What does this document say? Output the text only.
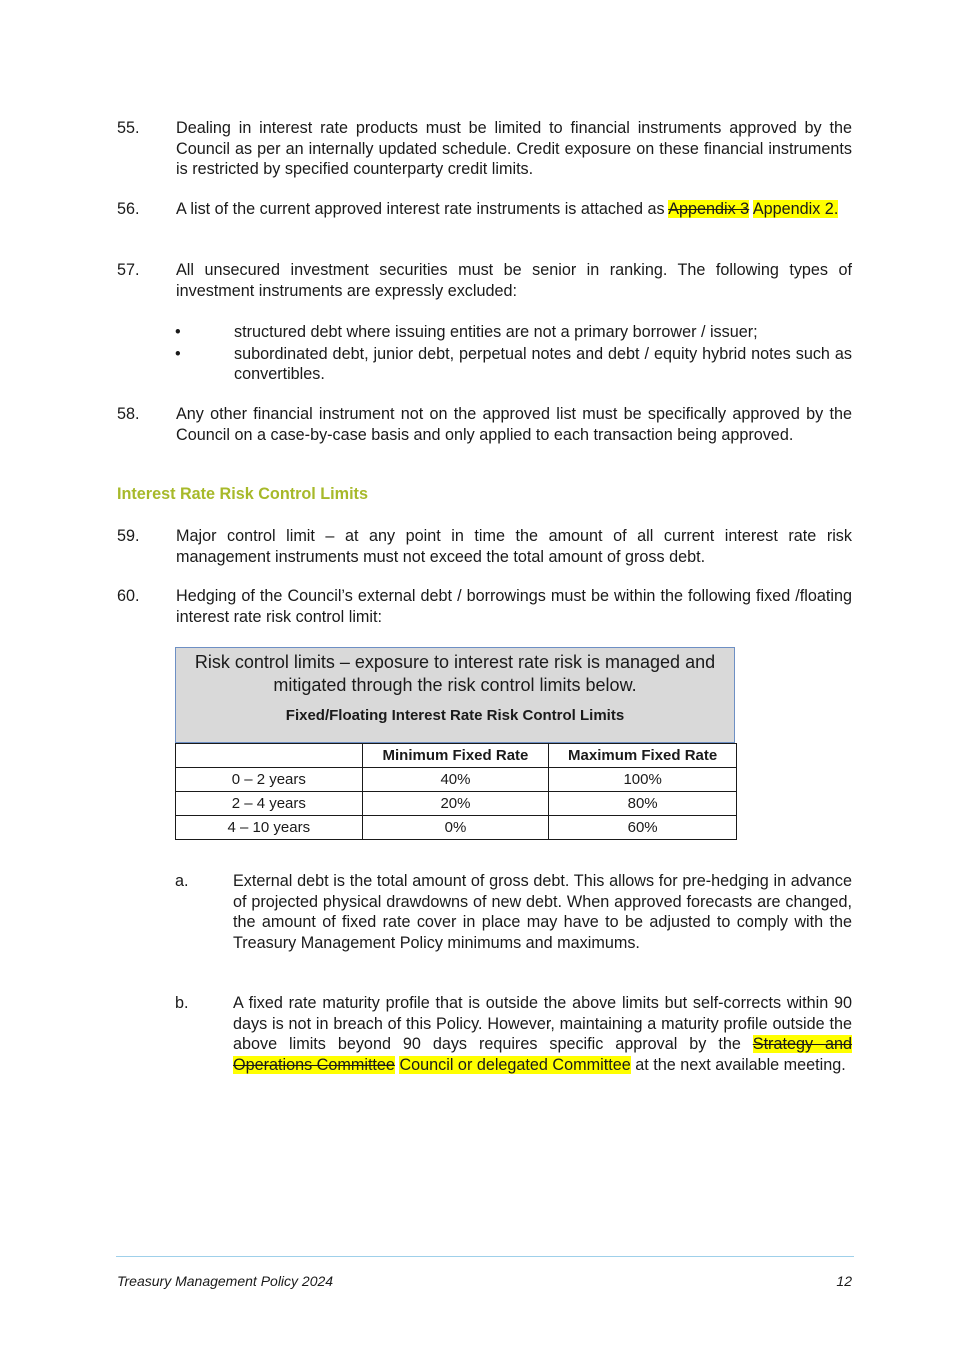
55.	Dealing in interest rate products must be limited to financial instruments approved by the Council as per an internally updated schedule. Credit exposure on these financial instruments is restricted by specified counterparty credit limits.
56.	A list of the current approved interest rate instruments is attached as Appendix 3 Appendix 2.
57.	All unsecured investment securities must be senior in ranking. The following types of investment instruments are expressly excluded:
•	structured debt where issuing entities are not a primary borrower / issuer;
•	subordinated debt, junior debt, perpetual notes and debt / equity hybrid notes such as convertibles.
58.	Any other financial instrument not on the approved list must be specifically approved by the Council on a case-by-case basis and only applied to each transaction being approved.
Interest Rate Risk Control Limits
59.	Major control limit – at any point in time the amount of all current interest rate risk management instruments must not exceed the total amount of gross debt.
60.	Hedging of the Council’s external debt / borrowings must be within the following fixed /floating interest rate risk control limit:
Risk control limits – exposure to interest rate risk is managed and mitigated through the risk control limits below.
Fixed/Floating Interest Rate Risk Control Limits
	Minimum Fixed Rate	Maximum Fixed Rate
0 – 2 years	40%	100%
2 – 4 years	20%	80%
4 – 10 years	0%	60%
a.	External debt is the total amount of gross debt. This allows for pre-hedging in advance of projected physical drawdowns of new debt. When approved forecasts are changed, the amount of fixed rate cover in place may have to be adjusted to comply with the Treasury Management Policy minimums and maximums.
b.	A fixed rate maturity profile that is outside the above limits but self-corrects within 90 days is not in breach of this Policy. However, maintaining a maturity profile outside the above limits beyond 90 days requires specific approval by the Strategy and Operations Committee Council or delegated Committee at the next available meeting.
Treasury Management Policy 2024	12
